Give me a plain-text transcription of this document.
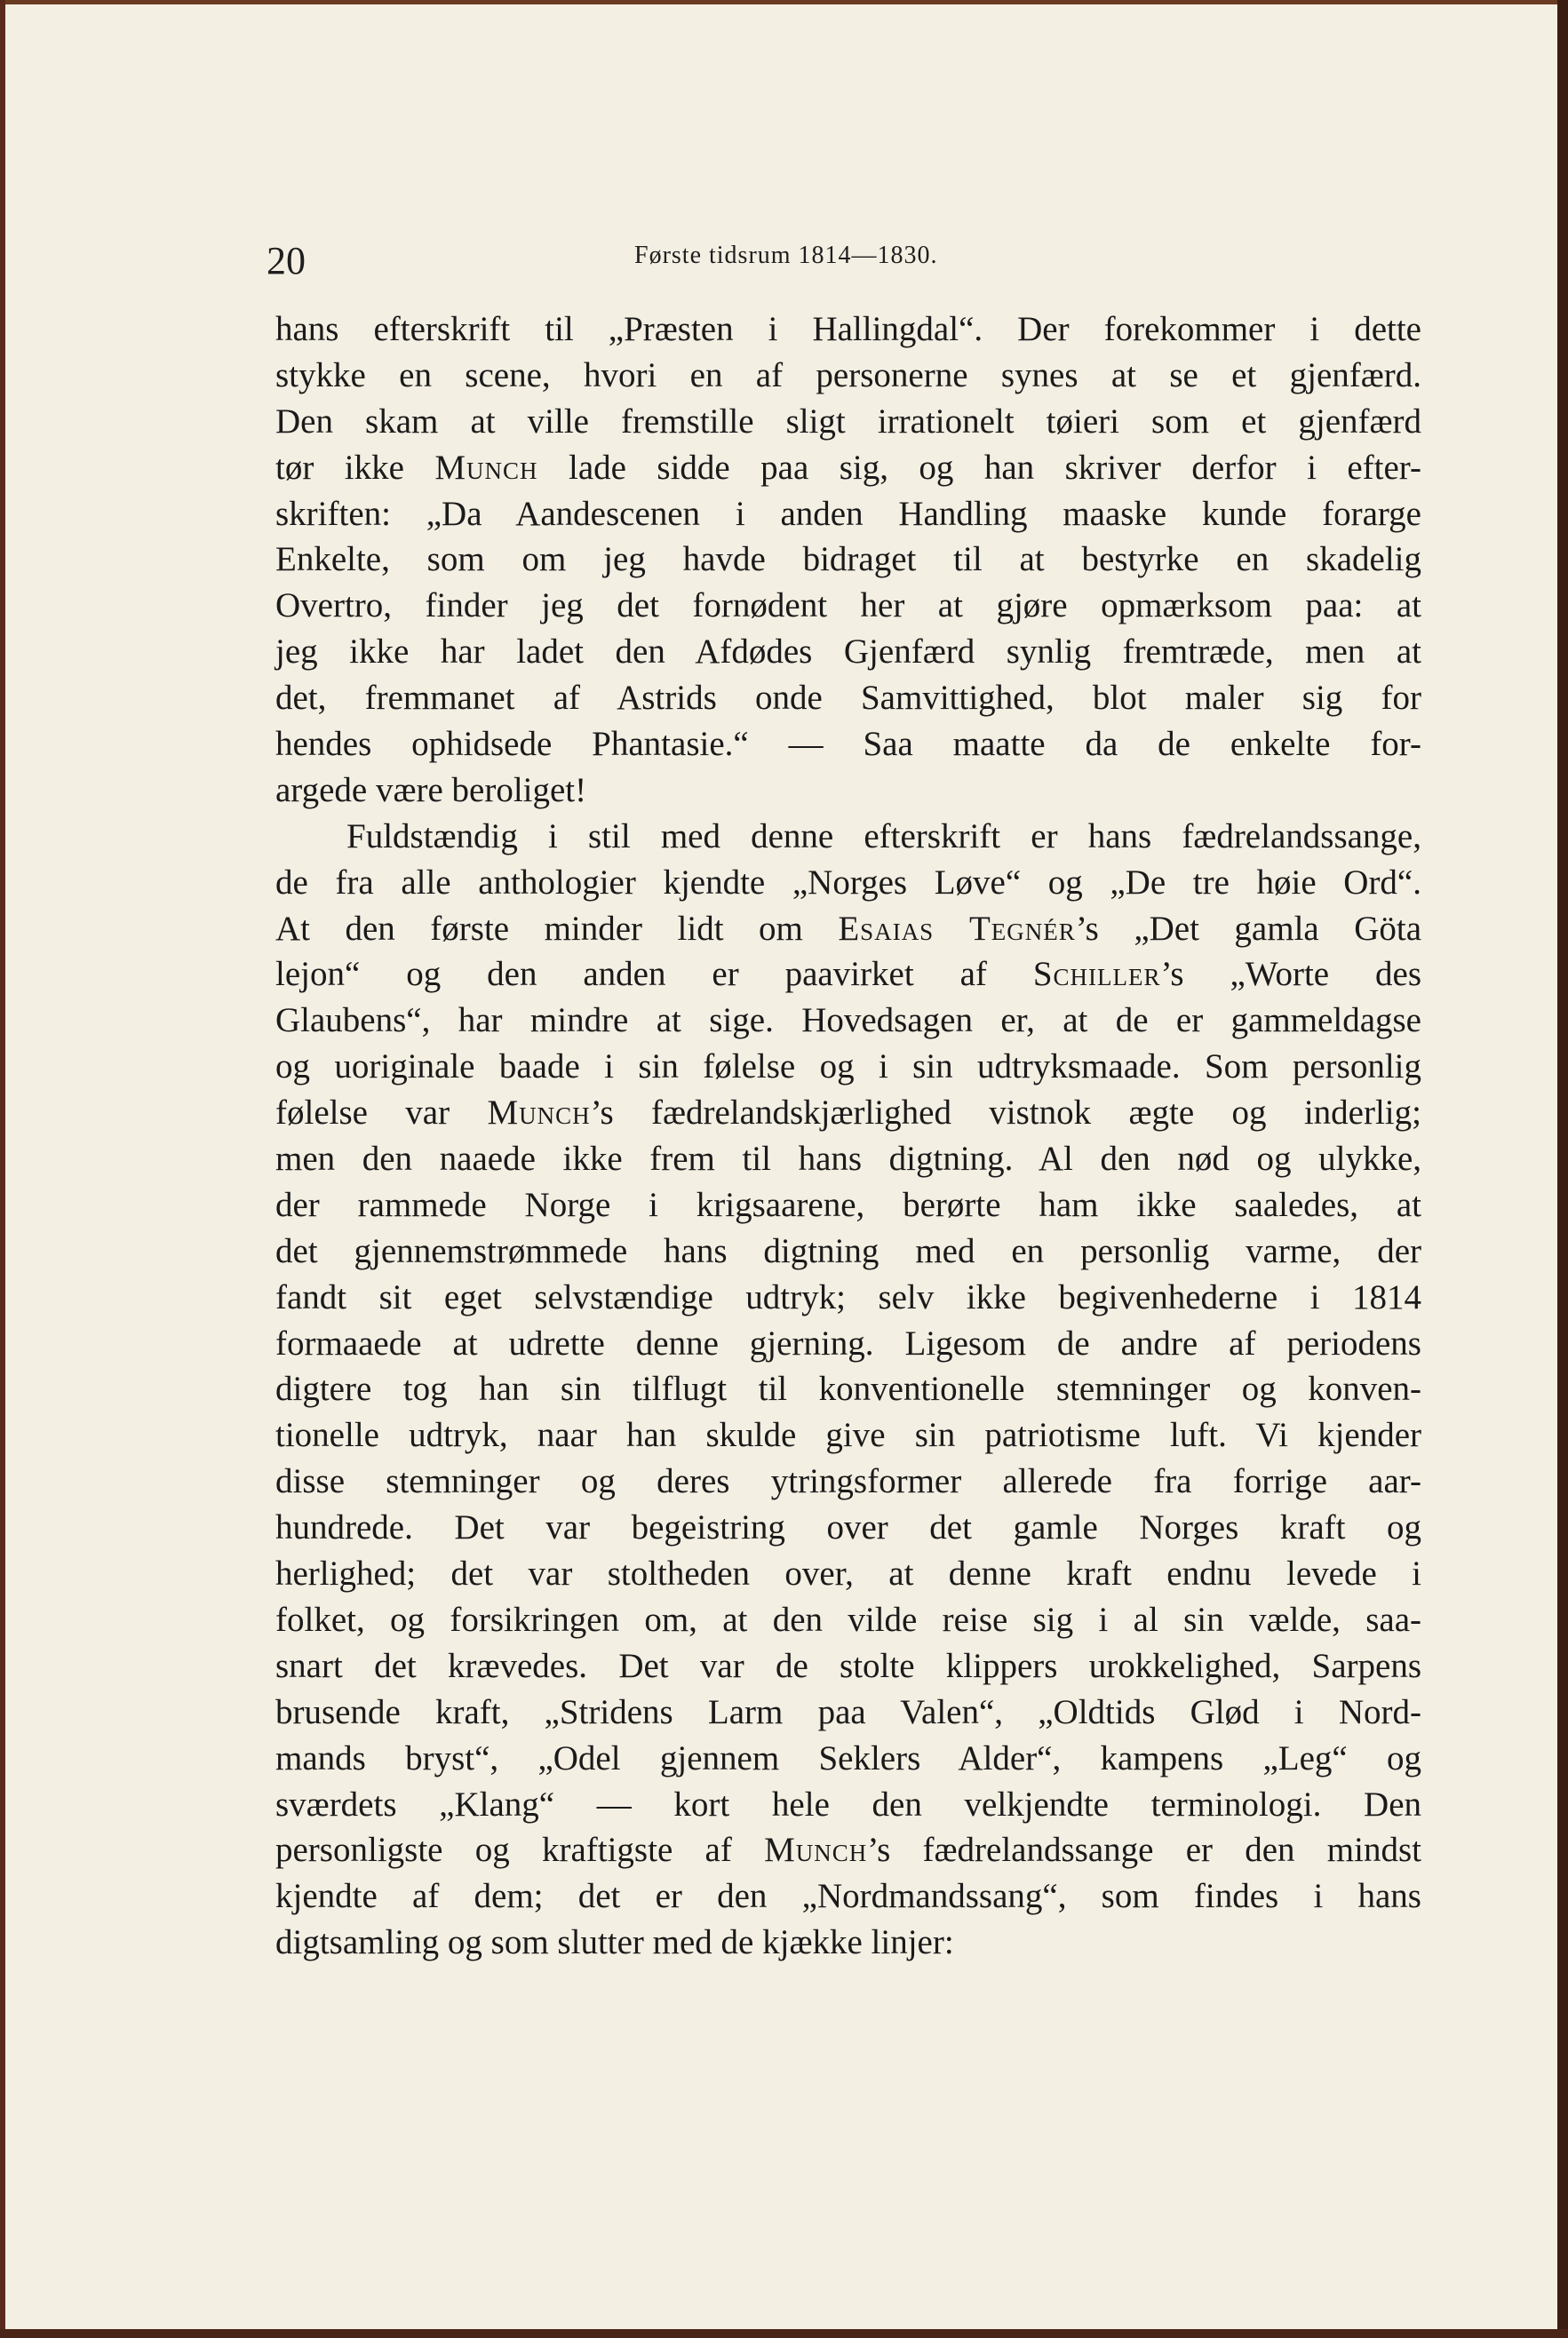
20	Første tidsrum 1814—1830.
hans efterskrift til „Præsten i Hallingdal“. Der forekommer i dette
stykke en scene, hvori en af personerne synes at se et gjenfærd.
Den skam at ville fremstille sligt irrationelt tøieri som et gjenfærd
tør ikke Munch lade sidde paa sig, og han skriver derfor i efter-
skriften: „Da Aandescenen i anden Handling maaske kunde forarge
Enkelte, som om jeg havde bidraget til at bestyrke en skadelig
Overtro, finder jeg det fornødent her at gjøre opmærksom paa: at
jeg ikke har ladet den Afdødes Gjenfærd synlig fremtræde, men at
det, fremmanet af Astrids onde Samvittighed, blot maler sig for
hendes ophidsede Phantasie.“ — Saa maatte da de enkelte for-
argede være beroliget!
Fuldstændig i stil med denne efterskrift er hans fædrelandssange,
de fra alle anthologier kjendte „Norges Løve“ og „De tre høie Ord“.
At den første minder lidt om Esaias Tegnér’s „Det gamla Göta
lejon“ og den anden er paavirket af Schiller’s „Worte des
Glaubens“, har mindre at sige. Hovedsagen er, at de er gammeldagse
og uoriginale baade i sin følelse og i sin udtryksmaade. Som personlig
følelse var Munch’s fædrelandskjærlighed vistnok ægte og inderlig;
men den naaede ikke frem til hans digtning. Al den nød og ulykke,
der rammede Norge i krigsaarene, berørte ham ikke saaledes, at
det gjennemstrømmede hans digtning med en personlig varme, der
fandt sit eget selvstændige udtryk; selv ikke begivenhederne i 1814
formaaede at udrette denne gjerning. Ligesom de andre af periodens
digtere tog han sin tilflugt til konventionelle stemninger og konven-
tionelle udtryk, naar han skulde give sin patriotisme luft. Vi kjender
disse stemninger og deres ytringsformer allerede fra forrige aar-
hundrede. Det var begeistring over det gamle Norges kraft og
herlighed; det var stoltheden over, at denne kraft endnu levede i
folket, og forsikringen om, at den vilde reise sig i al sin vælde, saa-
snart det krævedes. Det var de stolte klippers urokkelighed, Sarpens
brusende kraft, „Stridens Larm paa Valen“, „Oldtids Glød i Nord-
mands bryst“, „Odel gjennem Seklers Alder“, kampens „Leg“ og
sværdets „Klang“ — kort hele den velkjendte terminologi. Den
personligste og kraftigste af Munch’s fædrelandssange er den mindst
kjendte af dem; det er den „Nordmandssang“, som findes i hans
digtsamling og som slutter med de kjække linjer:
